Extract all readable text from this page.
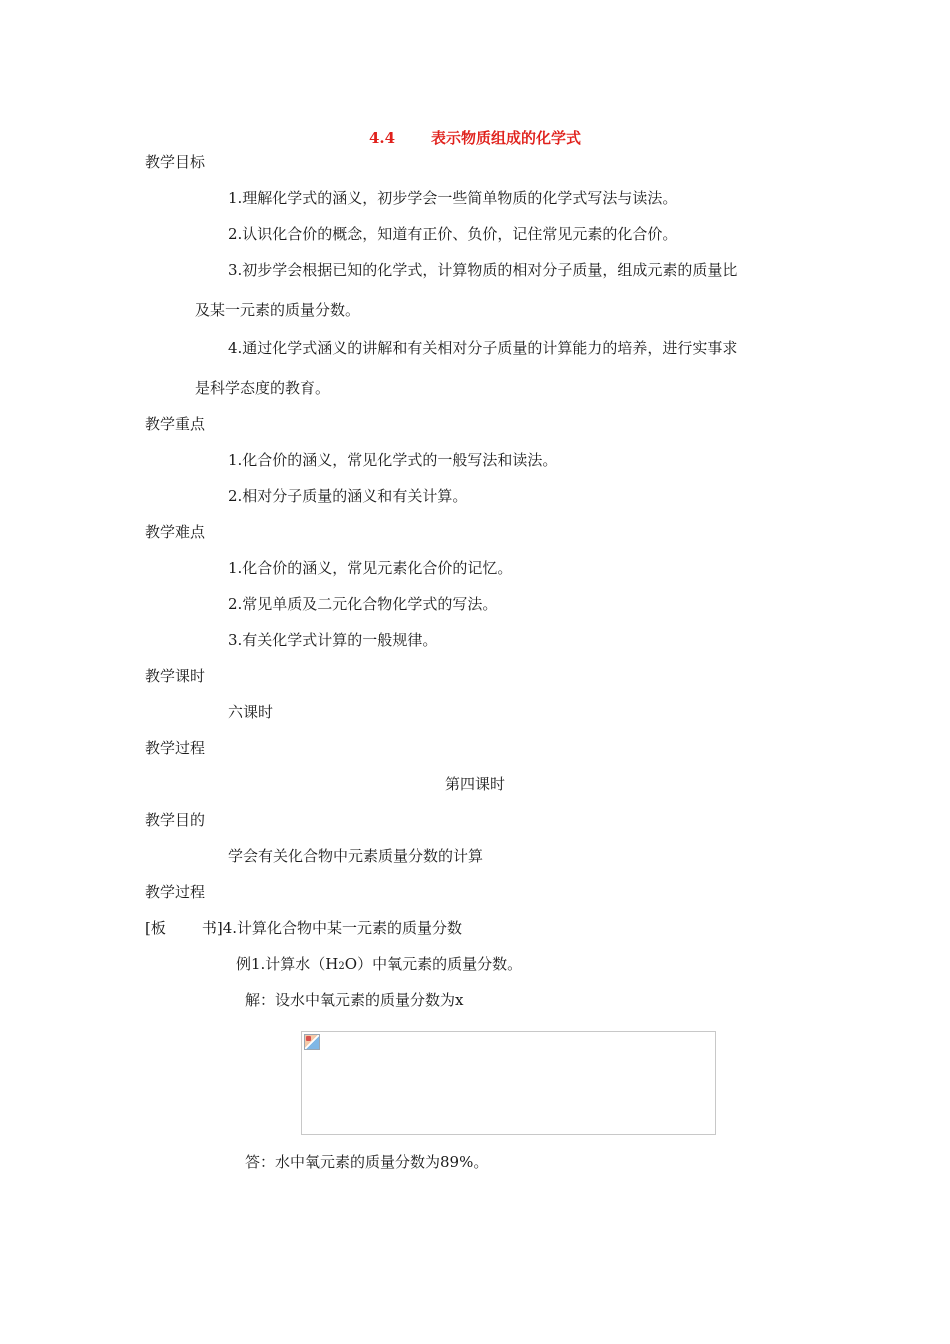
4.4 表示物质组成的化学式
教学目标
1.理解化学式的涵义，初步学会一些简单物质的化学式写法与读法。
2.认识化合价的概念，知道有正价、负价，记住常见元素的化合价。
3.初步学会根据已知的化学式，计算物质的相对分子质量，组成元素的质量比
及某一元素的质量分数。
4.通过化学式涵义的讲解和有关相对分子质量的计算能力的培养，进行实事求
是科学态度的教育。
教学重点
1.化合价的涵义，常见化学式的一般写法和读法。
2.相对分子质量的涵义和有关计算。
教学难点
1.化合价的涵义，常见元素化合价的记忆。
2.常见单质及二元化合物化学式的写法。
3.有关化学式计算的一般规律。
教学课时
六课时
教学过程
第四课时
教学目的
学会有关化合物中元素质量分数的计算
教学过程
[板 书]4.计算化合物中某一元素的质量分数
例1.计算水（H2O）中氧元素的质量分数。
解：设水中氧元素的质量分数为x
答：水中氧元素的质量分数为89%。
